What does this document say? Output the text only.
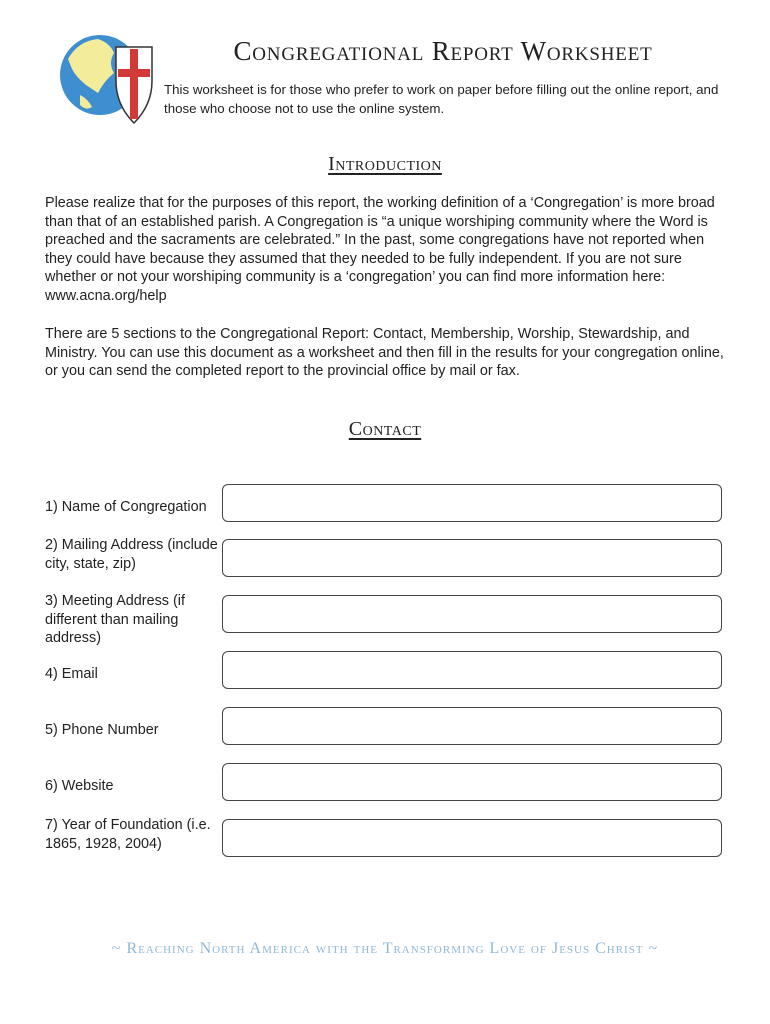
Congregational Report Worksheet
This worksheet is for those who prefer to work on paper before filling out the online report, and those who choose not to use the online system.
Introduction

Please realize that for the purposes of this report, the working definition of a ‘Congregation’ is more broad than that of an established parish. A Congregation is “a unique worshiping community where the Word is preached and the sacraments are celebrated.” In the past, some congregations have not reported when they could have because they assumed that they needed to be fully independent. If you are not sure whether or not your worshiping community is a ‘congregation’ you can find more information here: www.acna.org/help

There are 5 sections to the Congregational Report: Contact, Membership, Worship, Stewardship, and Ministry. You can use this document as a worksheet and then fill in the results for your congregation online, or you can send the completed report to the provincial office by mail or fax.

Contact
1) Name of Congregation
2) Mailing Address (include city, state, zip)
3) Meeting Address (if different than mailing address)
4) Email
5) Phone Number
6) Website
7) Year of Foundation (i.e. 1865, 1928, 2004)
~ Reaching North America with the Transforming Love of Jesus Christ ~
